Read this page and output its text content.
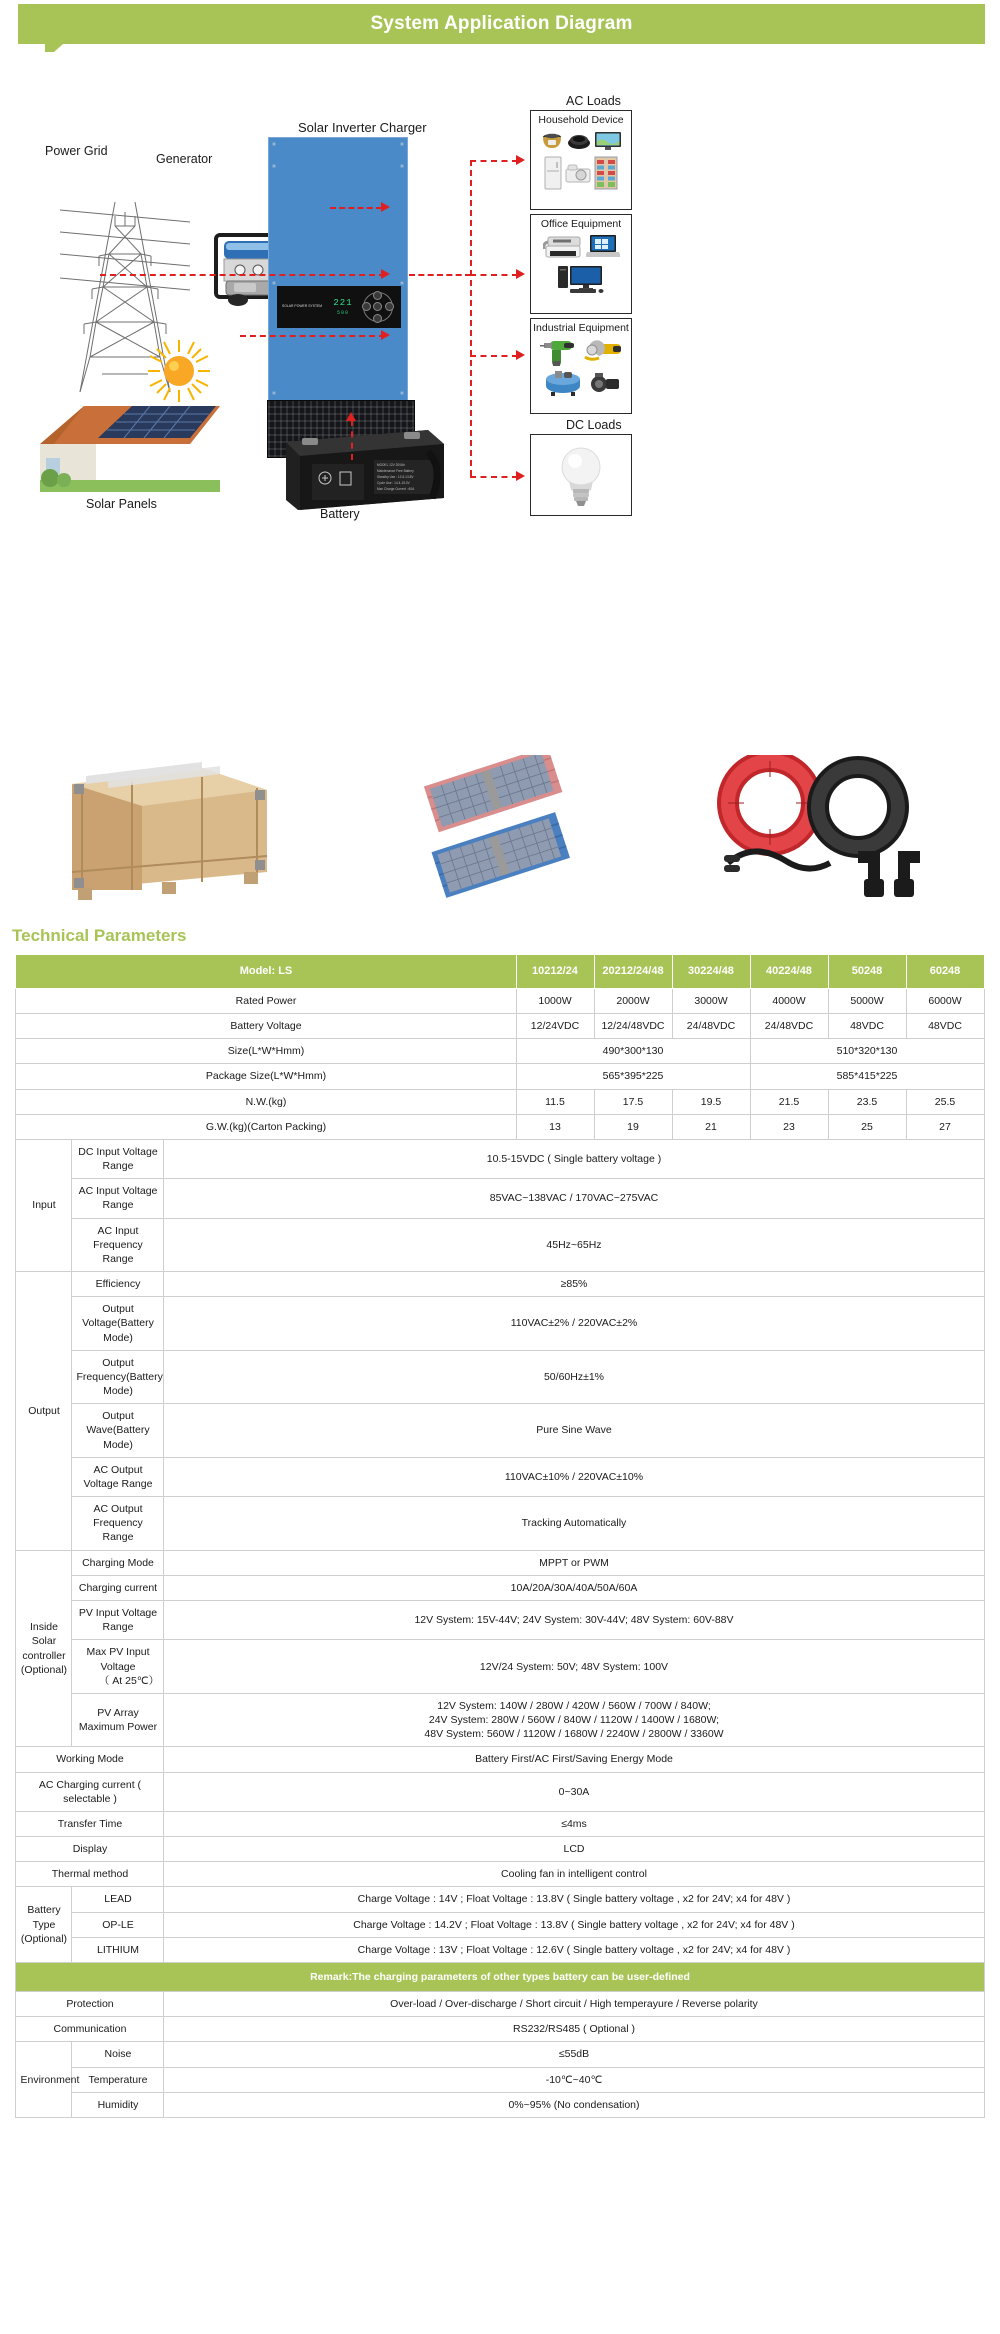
System Application Diagram
Power Grid
Generator
Solar Inverter Charger
SOLAR POWER SYSTEM	221
500
Solar Panels
MODEL 12V 200Ah
Maintenance Free Battery
Standby Use : 13.5-13.8V
Cycle Use : 14.4-15.0V
Max Charge Current : 60A
Battery
AC Loads
Household Device
Office Equipment
Industrial Equipment
DC Loads
Technical Parameters
Model: LS			10212/24	20212/24/48	30224/48	40224/48	50248	60248
Rated Power			1000W	2000W	3000W	4000W	5000W	6000W
Battery Voltage			12/24VDC	12/24/48VDC	24/48VDC	24/48VDC	48VDC	48VDC
Size(L*W*Hmm)			490*300*130			510*320*130		
Package Size(L*W*Hmm)			565*395*225			585*415*225		
N.W.(kg)			11.5	17.5	19.5	21.5	23.5	25.5
G.W.(kg)(Carton Packing)			13	19	21	23	25	27
Input	DC Input Voltage Range	10.5-15VDC ( Single battery voltage )						
	AC Input Voltage Range	85VAC~138VAC / 170VAC~275VAC						
	AC Input Frequency Range	45Hz~65Hz						
Output	Efficiency	≥85%						
	Output Voltage(Battery Mode)	110VAC±2% / 220VAC±2%						
	Output Frequency(Battery Mode)	50/60Hz±1%						
	Output Wave(Battery Mode)	Pure Sine Wave						
	AC Output Voltage Range	110VAC±10% / 220VAC±10%						
	AC Output Frequency Range	Tracking Automatically						

Inside Solar
controller
(Optional)	Charging Mode	MPPT or PWM						
	Charging current	10A/20A/30A/40A/50A/60A						
	PV Input Voltage Range	12V System: 15V-44V; 24V System: 30V-44V; 48V System: 60V-88V						

	Max PV Input Voltage
（ At 25℃）	12V/24 System: 50V; 48V System: 100V						
	PV Array Maximum Power	12V System: 140W / 280W / 420W / 560W / 700W / 840W;
24V System: 280W / 560W / 840W / 1120W / 1400W / 1680W;
48V System: 560W / 1120W / 1680W / 2240W / 2800W / 3360W						

Working Mode		Battery First/AC First/Saving Energy Mode						
AC Charging current ( selectable )		0~30A						
Transfer Time		≤4ms						
Display		LCD						
Thermal method		Cooling fan in intelligent control						

Battery Type
(Optional)	LEAD	Charge Voltage : 14V ; Float Voltage : 13.8V ( Single battery voltage , x2 for 24V; x4 for 48V )						
	OP-LE	Charge Voltage : 14.2V ; Float Voltage : 13.8V ( Single battery voltage , x2 for 24V; x4 for 48V )						
	LITHIUM	Charge Voltage : 13V ; Float Voltage : 12.6V ( Single battery voltage , x2 for 24V; x4 for 48V )						
Remark:The charging parameters of other types battery can be user-defined								
Protection		Over-load / Over-discharge / Short circuit / High temperayure / Reverse polarity						
Communication		RS232/RS485 ( Optional )						
Environment	Noise	≤55dB						
	Temperature	-10℃~40℃						
	Humidity	0%~95% (No condensation)						
